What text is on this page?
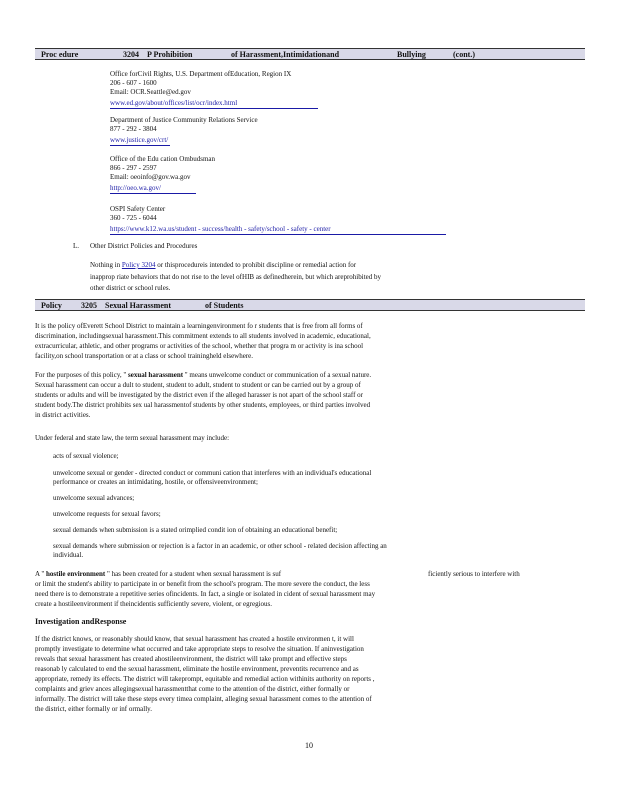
Proc edure	3204 P Prohibition	of Harassment,Intimidationand	Bullying	(cont.)
Office forCivil Rights, U.S. Department ofEducation, Region IX
206 - 607 - 1600
Email: OCR.Seattle@ed.gov
www.ed.gov/about/offices/list/ocr/index.html
Department of Justice Community Relations Service
877 - 292 - 3804
www.justice.gov/crt/
Office of the Edu cation Ombudsman
866 - 297 - 2597
Email: oeoinfo@gov.wa.gov
http://oeo.wa.gov/
OSPI Safety Center
360 - 725 - 6044
https://www.k12.wa.us/student - success/health - safety/school - safety - center
L. Other District Policies and Procedures
Nothing in Policy 3204 or thisprocedureis intended to prohibit discipline or remedial action for
inapprop riate behaviors that do not rise to the level ofHIB as definedherein, but which areprohibited by
other district or school rules.
Policy 3205 Sexual Harassment	of Students
It is the policy ofEverett School District to maintain a learningenvironment fo r students that is free from all forms of
discrimination, includingsexual harassment.This commitment extends to all students involved in academic, educational,
extracurricular, athletic, and other programs or activities of the school, whether that progra m or activity is ina school
facility,on school transportation or at a class or school trainingheld elsewhere.
For the purposes of this policy, " sexual harassment " means unwelcome conduct or communication of a sexual nature.
Sexual harassment can occur a dult to student, student to adult, student to student or can be carried out by a group of
students or adults and will be investigated by the district even if the alleged harasser is not apart of the school staff or
student body.The district prohibits sex ual harassmentof students by other students, employees, or third parties involved
in district activities.
Under federal and state law, the term sexual harassment may include:
acts of sexual violence;
unwelcome sexual or gender - directed conduct or communi cation that interferes with an individual's educational
performance or creates an intimidating, hostile, or offensiveenvironment;
unwelcome sexual advances;
unwelcome requests for sexual favors;
sexual demands when submission is a stated orimplied condit ion of obtaining an educational benefit;
sexual demands where submission or rejection is a factor in an academic, or other school - related decision affecting an
individual.
A " hostile environment " has been created for a student when sexual harassment is suf	ficiently serious to interfere with
or limit the student's ability to participate in or benefit from the school's program. The more severe the conduct, the less
need there is to demonstrate a repetitive series ofincidents. In fact, a single or isolated in cident of sexual harassment may
create a hostileenvironment if theincidentis sufficiently severe, violent, or egregious.
Investigation andResponse
If the district knows, or reasonably should know, that sexual harassment has created a hostile environmen t, it will
promptly investigate to determine what occurred and take appropriate steps to resolve the situation. If aninvestigation
reveals that sexual harassment has created ahostileenvironment, the district will take prompt and effective steps
reasonab ly calculated to end the sexual harassment, eliminate the hostile environment, preventits recurrence and as
appropriate, remedy its effects. The district will takeprompt, equitable and remedial action withinits authority on reports ,
complaints and griev ances allegingsexual harassmentthat come to the attention of the district, either formally or
informally. The district will take these steps every timea complaint, alleging sexual harassment comes to the attention of
the district, either formally or inf ormally.
10
